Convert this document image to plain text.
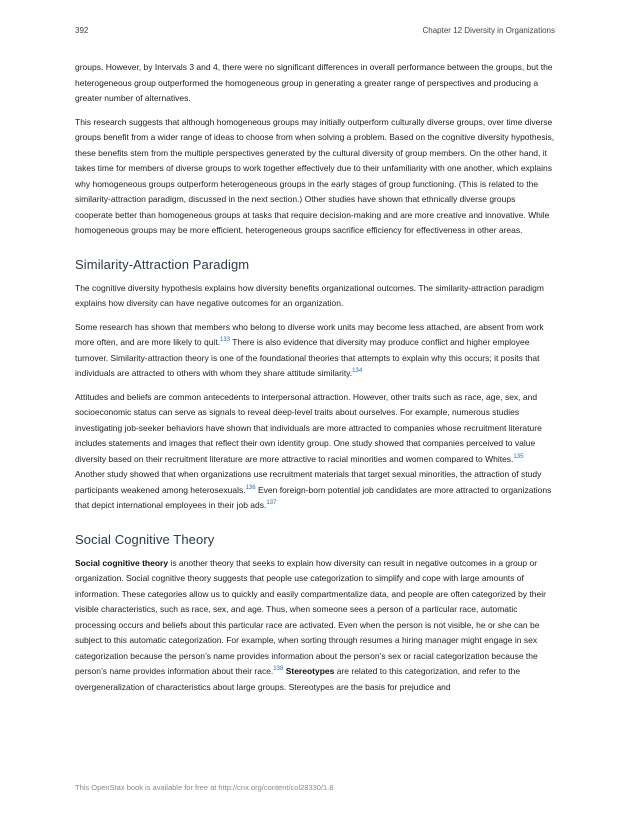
392	Chapter 12 Diversity in Organizations

groups. However, by Intervals 3 and 4, there were no significant differences in overall performance between the groups, but the heterogeneous group outperformed the homogeneous group in generating a greater range of perspectives and producing a greater number of alternatives.

This research suggests that although homogeneous groups may initially outperform culturally diverse groups, over time diverse groups benefit from a wider range of ideas to choose from when solving a problem. Based on the cognitive diversity hypothesis, these benefits stem from the multiple perspectives generated by the cultural diversity of group members. On the other hand, it takes time for members of diverse groups to work together effectively due to their unfamiliarity with one another, which explains why homogeneous groups outperform heterogeneous groups in the early stages of group functioning. (This is related to the similarity-attraction paradigm, discussed in the next section.) Other studies have shown that ethnically diverse groups cooperate better than homogeneous groups at tasks that require decision-making and are more creative and innovative. While homogeneous groups may be more efficient, heterogeneous groups sacrifice efficiency for effectiveness in other areas.

Similarity-Attraction Paradigm

The cognitive diversity hypothesis explains how diversity benefits organizational outcomes. The similarity-attraction paradigm explains how diversity can have negative outcomes for an organization.

Some research has shown that members who belong to diverse work units may become less attached, are absent from work more often, and are more likely to quit.$^{133}$ There is also evidence that diversity may produce conflict and higher employee turnover. Similarity-attraction theory is one of the foundational theories that attempts to explain why this occurs; it posits that individuals are attracted to others with whom they share attitude similarity.$^{134}$

Attitudes and beliefs are common antecedents to interpersonal attraction. However, other traits such as race, age, sex, and socioeconomic status can serve as signals to reveal deep-level traits about ourselves. For example, numerous studies investigating job-seeker behaviors have shown that individuals are more attracted to companies whose recruitment literature includes statements and images that reflect their own identity group. One study showed that companies perceived to value diversity based on their recruitment literature are more attractive to racial minorities and women compared to Whites.$^{135}$ Another study showed that when organizations use recruitment materials that target sexual minorities, the attraction of study participants weakened among heterosexuals.$^{136}$ Even foreign-born potential job candidates are more attracted to organizations that depict international employees in their job ads.$^{137}$

Social Cognitive Theory

Social cognitive theory is another theory that seeks to explain how diversity can result in negative outcomes in a group or organization. Social cognitive theory suggests that people use categorization to simplify and cope with large amounts of information. These categories allow us to quickly and easily compartmentalize data, and people are often categorized by their visible characteristics, such as race, sex, and age. Thus, when someone sees a person of a particular race, automatic processing occurs and beliefs about this particular race are activated. Even when the person is not visible, he or she can be subject to this automatic categorization. For example, when sorting through resumes a hiring manager might engage in sex categorization because the person’s name provides information about the person’s sex or racial categorization because the person’s name provides information about their race.$^{138}$ Stereotypes are related to this categorization, and refer to the overgeneralization of characteristics about large groups. Stereotypes are the basis for prejudice and

This OpenStax book is available for free at http://cnx.org/content/col28330/1.8
